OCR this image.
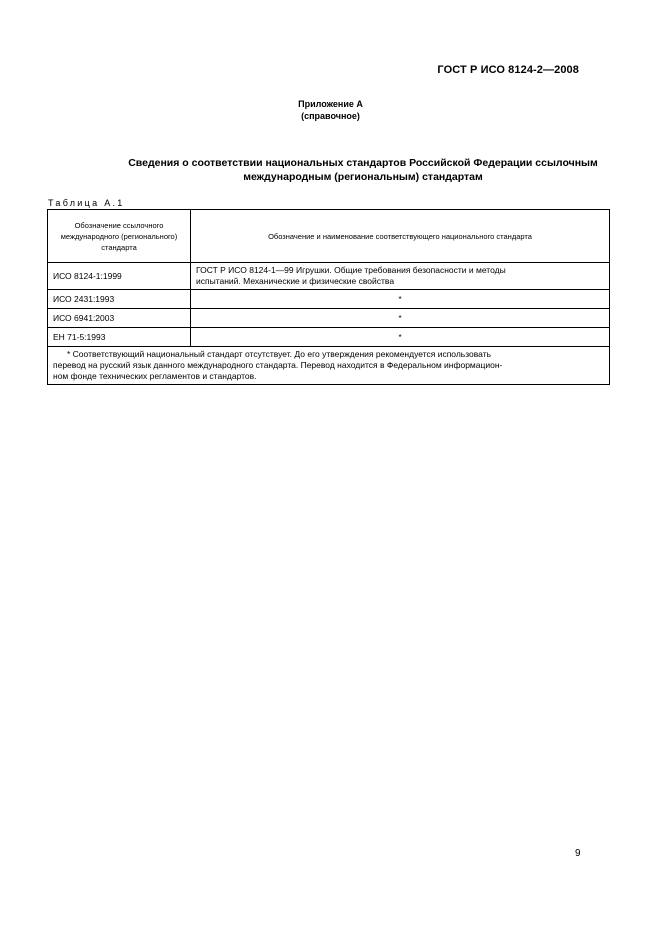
ГОСТ Р ИСО 8124-2—2008
Приложение А
(справочное)
Сведения о соответствии национальных стандартов Российской Федерации ссылочным
международным (региональным) стандартам
Таблица А.1
Обозначение ссылочного
международного (регионального)
стандарта	Обозначение и наименование соответствующего национального стандарта
ИСО 8124-1:1999	ГОСТ Р ИСО 8124-1—99 Игрушки. Общие требования безопасности и методы
испытаний. Механические и физические свойства

ИСО 2431:1993	*
ИСО 6941:2003	*
ЕН 71-5:1993	*

* Соответствующий национальный стандарт отсутствует. До его утверждения рекомендуется использовать
перевод на русский язык данного международного стандарта. Перевод находится в Федеральном информацион-
ном фонде технических регламентов и стандартов.	
9
